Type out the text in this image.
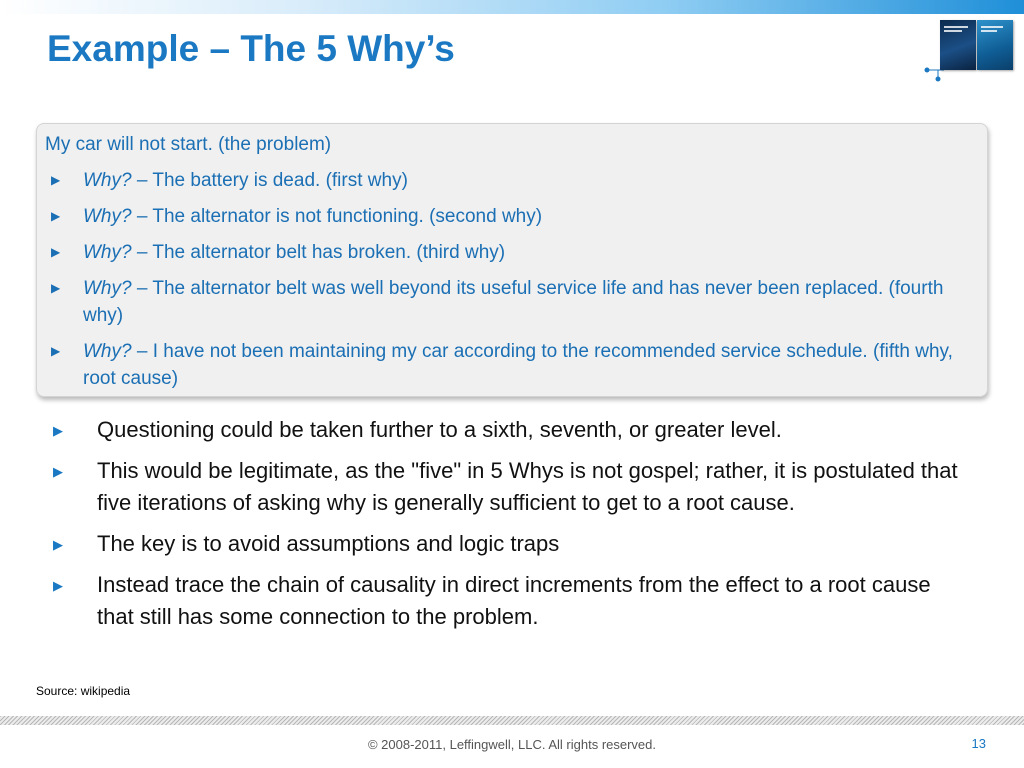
Example – The 5 Why’s

My car will not start. (the problem)

▶ Why? – The battery is dead. (first why)
▶ Why? – The alternator is not functioning. (second why)
▶ Why? – The alternator belt has broken. (third why)
▶ Why? – The alternator belt was well beyond its useful service life and has never been replaced. (fourth why)
▶ Why? – I have not been maintaining my car according to the recommended service schedule. (fifth why, root cause)
▶ Questioning could be taken further to a sixth, seventh, or greater level.
▶ This would be legitimate, as the "five" in 5 Whys is not gospel; rather, it is postulated that five iterations of asking why is generally sufficient to get to a root cause.
▶ The key is to avoid assumptions and logic traps
▶ Instead trace the chain of causality in direct increments from the effect to a root cause that still has some connection to the problem.

Source: wikipedia

© 2008-2011, Leffingwell, LLC. All rights reserved.	13
